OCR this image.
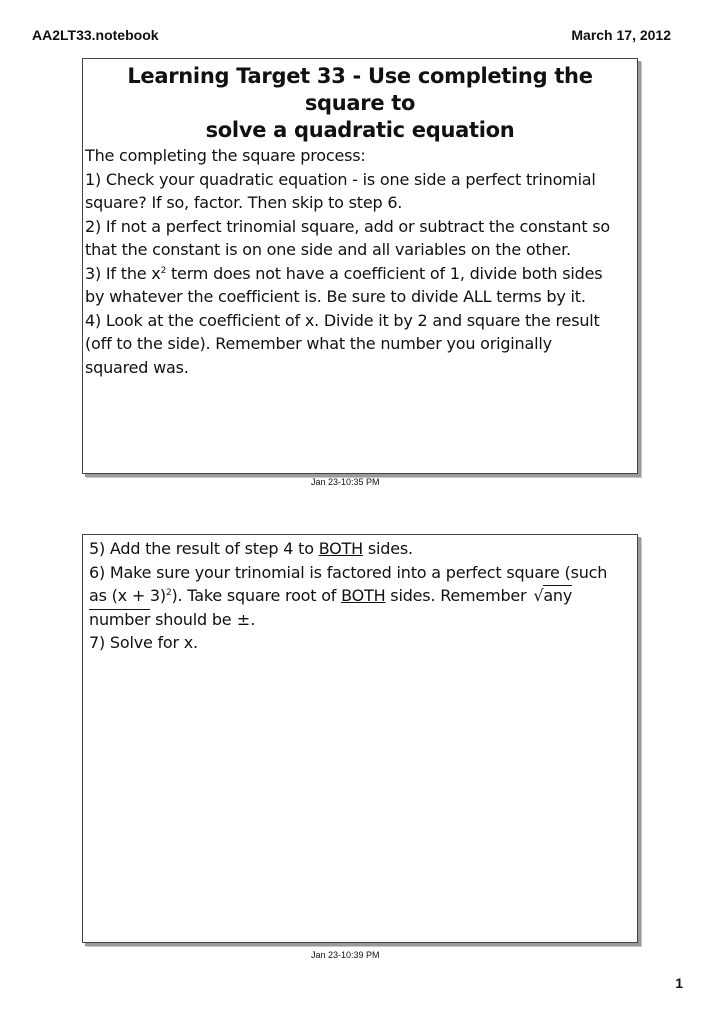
AA2LT33.notebook	March 17, 2012
Learning Target 33 - Use completing the square to
solve a quadratic equation
The completing the square process:
1) Check your quadratic equation - is one side a perfect trinomial
square? If so, factor. Then skip to step 6.
2) If not a perfect trinomial square, add or subtract the constant so
that the constant is on one side and all variables on the other.
3) If the $x^2$ term does not have a coefficient of 1, divide both sides
by whatever the coefficient is. Be sure to divide ALL terms by it.
4) Look at the coefficient of x. Divide it by 2 and square the result
(off to the side). Remember what the number you originally
squared was.
Jan 23-10:35 PM
5) Add the result of step 4 to BOTH sides.
6) Make sure your trinomial is factored into a perfect square (such
as $(x + 3)^2$). Take square root of BOTH sides. Remember √any
number should be ±.
7) Solve for x.
Jan 23-10:39 PM
1
